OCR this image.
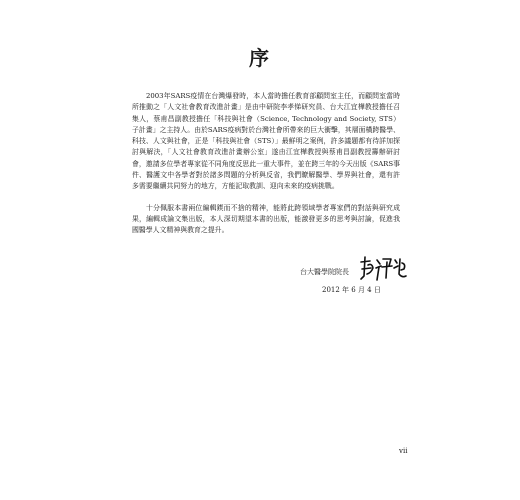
序

2003年SARS疫情在台灣爆發時，本人當時擔任教育部顧問室主任，而顧問室當時所推動之「人文社會教育改進計畫」是由中研院李孝悌研究員、台大江宜樺教授擔任召集人，蔡甫昌副教授擔任「科技與社會（Science, Technology and Society, STS）子計畫」之主持人。由於SARS疫病對於台灣社會所帶來的巨大衝擊，其層面橫跨醫學、科技、人文與社會，正是「科技與社會（STS）」最鮮明之案例，許多議題都有待詳加探討與解決，「人文社會教育改進計畫辦公室」遂由江宜樺教授與蔡甫昌副教授籌辦研討會，邀請多位學者專家從不同角度反思此一重大事件，並在跨三年的今天出版《SARS事件、醫護文中各學者對於諸多問題的分析與反省，我們瞭解醫學、學界與社會，還有許多需要繼續共同努力的地方，方能記取教訓、迎向未來的疫病挑戰。

十分佩服本書兩位編輯鍥而不捨的精神，能將此跨領域學者專家們的對話與研究成果，編輯成論文集出版，本人深切期望本書的出版，能激發更多的思考與討論，促進我國醫學人文精神與教育之提升。

台大醫學院院長
2012 年 6 月 4 日
vii
